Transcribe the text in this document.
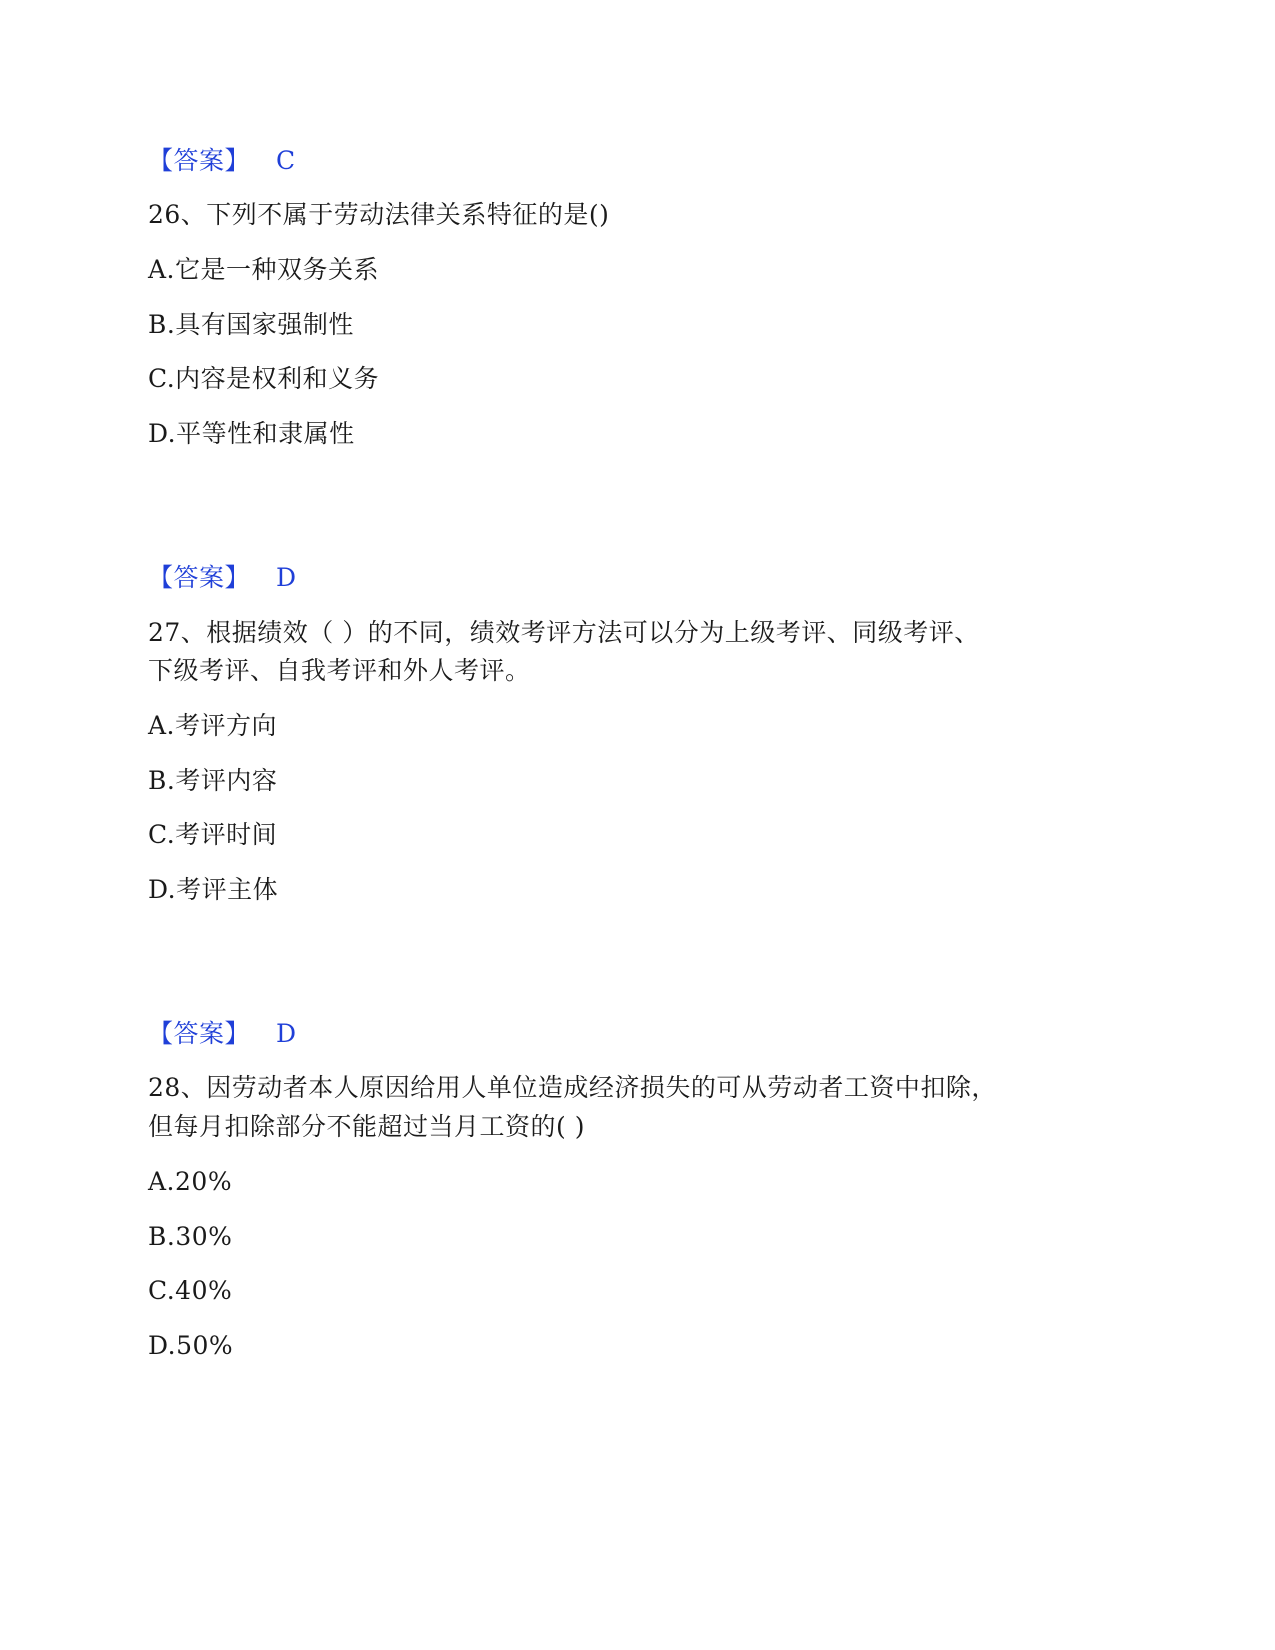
【答案】 C
26、下列不属于劳动法律关系特征的是()
A.它是一种双务关系
B.具有国家强制性
C.内容是权利和义务
D.平等性和隶属性
【答案】 D
27、根据绩效（ ）的不同，绩效考评方法可以分为上级考评、同级考评、
下级考评、自我考评和外人考评。
A.考评方向
B.考评内容
C.考评时间
D.考评主体
【答案】 D
28、因劳动者本人原因给用人单位造成经济损失的可从劳动者工资中扣除，
但每月扣除部分不能超过当月工资的( )
A.20%
B.30%
C.40%
D.50%
